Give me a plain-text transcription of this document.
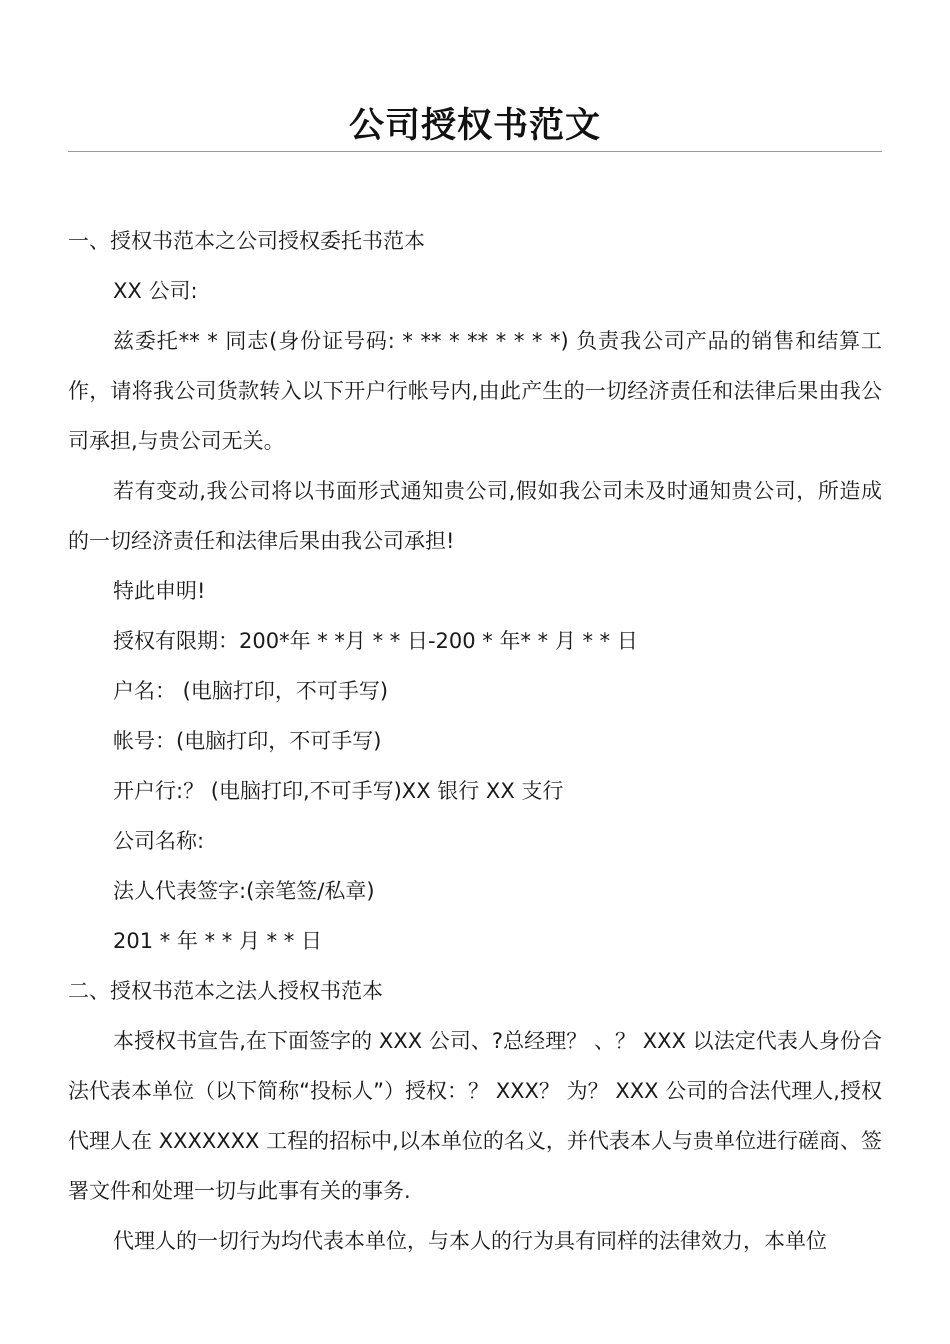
公司授权书范文

一、授权书范本之公司授权委托书范本

XX 公司:

兹委托** * 同志(身份证号码: * ** * ** * * * *) 负责我公司产品的销售和结算工作，请将我公司货款转入以下开户行帐号内,由此产生的一切经济责任和法律后果由我公司承担,与贵公司无关。

若有变动,我公司将以书面形式通知贵公司,假如我公司未及时通知贵公司，所造成的一切经济责任和法律后果由我公司承担!

特此申明!

授权有限期：200*年 * *月 * * 日-200 * 年* * 月 * * 日

户名： (电脑打印，不可手写)

帐号：(电脑打印，不可手写)

开户行:？ (电脑打印,不可手写)XX 银行 XX 支行

公司名称:

法人代表签字:(亲笔签/私章)

201 * 年 * * 月 * * 日

二、授权书范本之法人授权书范本

本授权书宣告,在下面签字的 XXX 公司、?总经理？ 、？ XXX 以法定代表人身份合法代表本单位（以下简称“投标人”）授权：？ XXX？ 为？ XXX 公司的合法代理人,授权代理人在 XXXXXXX 工程的招标中,以本单位的名义，并代表本人与贵单位进行磋商、签署文件和处理一切与此事有关的事务.

代理人的一切行为均代表本单位，与本人的行为具有同样的法律效力，本单位
